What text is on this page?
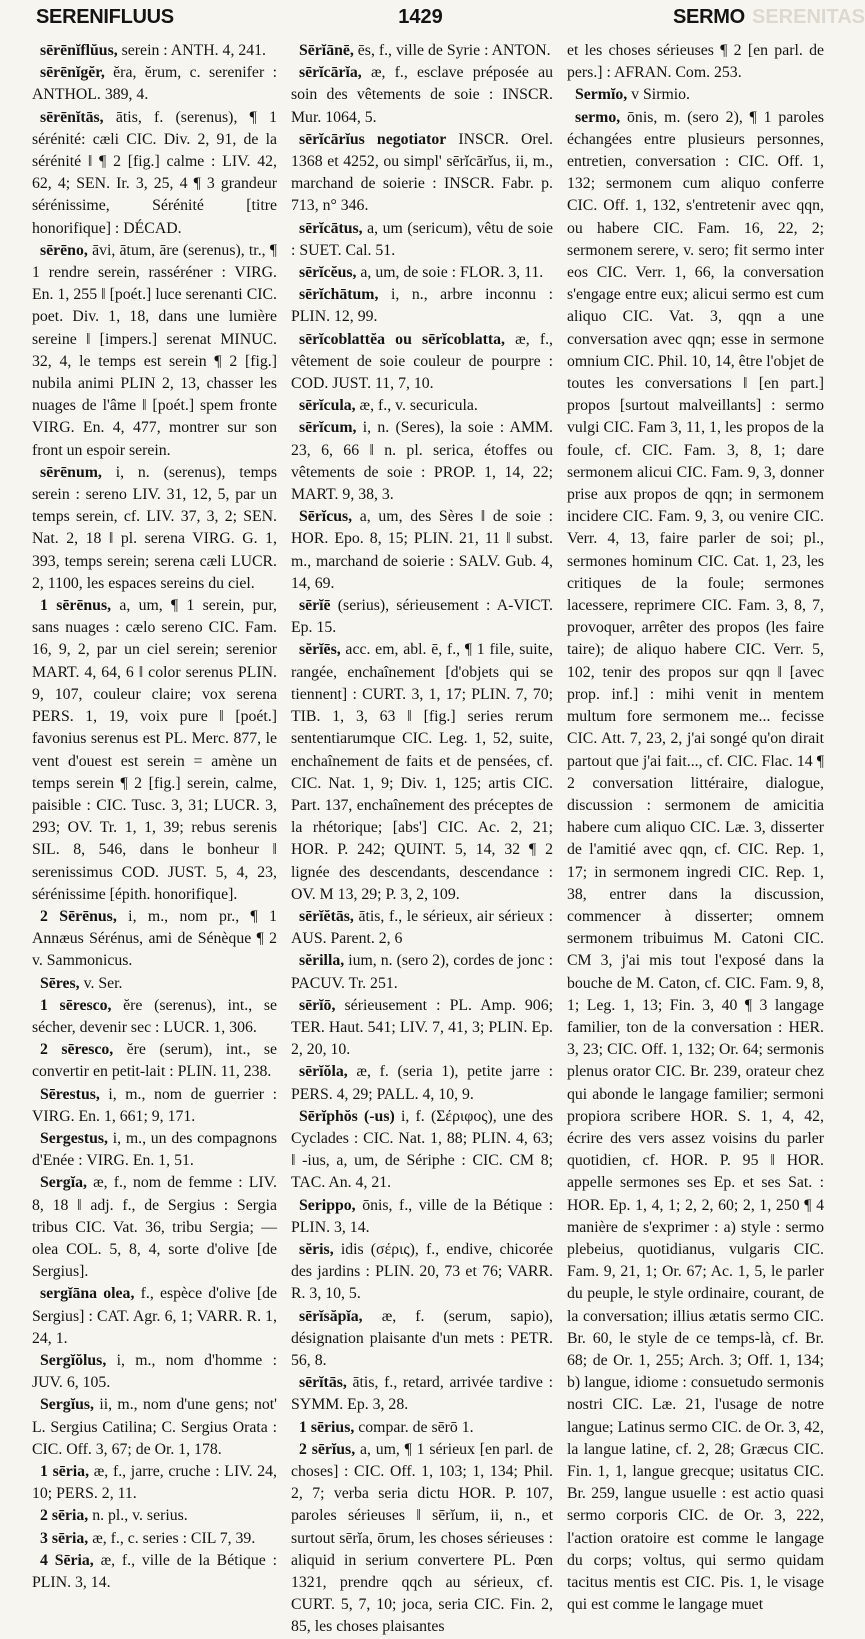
SERENITAS
SERENIFLUUS	1429	SERMO

sērēnĭflŭus, serein : ANTH. 4, 241.

sērēnĭgĕr, ĕra, ĕrum, c. serenifer : ANTHOL. 389, 4.

sērēnĭtās, ātis, f. (serenus), ¶ 1 sérénité: cæli CIC. Div. 2, 91, de la sérénité ‖ ¶ 2 [fig.] calme : LIV. 42, 62, 4; SEN. Ir. 3, 25, 4 ¶ 3 grandeur sérénissime, Sérénité [titre honorifique] : DÉCAD.

sērēno, āvi, ātum, āre (serenus), tr., ¶ 1 rendre serein, rasséréner : VIRG. En. 1, 255 ‖ [poét.] luce serenanti CIC. poet. Div. 1, 18, dans une lumière sereine ‖ [impers.] serenat MINUC. 32, 4, le temps est serein ¶ 2 [fig.] nubila animi PLIN 2, 13, chasser les nuages de l'âme ‖ [poét.] spem fronte VIRG. En. 4, 477, montrer sur son front un espoir serein.

sērēnum, i, n. (serenus), temps serein : sereno LIV. 31, 12, 5, par un temps serein, cf. LIV. 37, 3, 2; SEN. Nat. 2, 18 ‖ pl. serena VIRG. G. 1, 393, temps serein; serena cæli LUCR. 2, 1100, les espaces sereins du ciel.

1 sērēnus, a, um, ¶ 1 serein, pur, sans nuages : cælo sereno CIC. Fam. 16, 9, 2, par un ciel serein; serenior MART. 4, 64, 6 ‖ color serenus PLIN. 9, 107, couleur claire; vox serena PERS. 1, 19, voix pure ‖ [poét.] favonius serenus est PL. Merc. 877, le vent d'ouest est serein = amène un temps serein ¶ 2 [fig.] serein, calme, paisible : CIC. Tusc. 3, 31; LUCR. 3, 293; OV. Tr. 1, 1, 39; rebus serenis SIL. 8, 546, dans le bonheur ‖ serenissimus COD. JUST. 5, 4, 23, sérénissime [épith. honorifique].

2 Sērēnus, i, m., nom pr., ¶ 1 Annæus Sérénus, ami de Sénèque ¶ 2 v. Sammonicus.

Sēres, v. Ser.

1 sēresco, ĕre (serenus), int., se sécher, devenir sec : LUCR. 1, 306.

2 sēresco, ĕre (serum), int., se convertir en petit-lait : PLIN. 11, 238.

Sērestus, i, m., nom de guerrier : VIRG. En. 1, 661; 9, 171.

Sergestus, i, m., un des compagnons d'Enée : VIRG. En. 1, 51.

Sergĭa, æ, f., nom de femme : LIV. 8, 18 ‖ adj. f., de Sergius : Sergia tribus CIC. Vat. 36, tribu Sergia; — olea COL. 5, 8, 4, sorte d'olive [de Sergius].

sergĭāna olea, f., espèce d'olive [de Sergius] : CAT. Agr. 6, 1; VARR. R. 1, 24, 1.

Sergĭŏlus, i, m., nom d'homme : JUV. 6, 105.

Sergĭus, ii, m., nom d'une gens; not' L. Sergius Catilina; C. Sergius Orata : CIC. Off. 3, 67; de Or. 1, 178.

1 sēria, æ, f., jarre, cruche : LIV. 24, 10; PERS. 2, 11.

2 sēria, n. pl., v. serius.

3 sēria, æ, f., c. series : CIL 7, 39.

4 Sēria, æ, f., ville de la Bétique : PLIN. 3, 14.

Sērĭānē, ēs, f., ville de Syrie : ANTON.

sērĭcārĭa, æ, f., esclave préposée au soin des vêtements de soie : INSCR. Mur. 1064, 5.

sērĭcārĭus negotiator INSCR. Orel. 1368 et 4252, ou simpl' sērĭcārĭus, ii, m., marchand de soierie : INSCR. Fabr. p. 713, n° 346.

sērĭcātus, a, um (sericum), vêtu de soie : SUET. Cal. 51.

sērĭcĕus, a, um, de soie : FLOR. 3, 11.

sērĭchātum, i, n., arbre inconnu : PLIN. 12, 99.

sērĭcoblattĕa ou sērĭcoblatta, æ, f., vêtement de soie couleur de pourpre : COD. JUST. 11, 7, 10.

sērĭcula, æ, f., v. securicula.

sērĭcum, i, n. (Seres), la soie : AMM. 23, 6, 66 ‖ n. pl. serica, étoffes ou vêtements de soie : PROP. 1, 14, 22; MART. 9, 38, 3.

Sērĭcus, a, um, des Sères ‖ de soie : HOR. Epo. 8, 15; PLIN. 21, 11 ‖ subst. m., marchand de soierie : SALV. Gub. 4, 14, 69.

sērĭē (serius), sérieusement : A-VICT. Ep. 15.

sĕrĭēs, acc. em, abl. ē, f., ¶ 1 file, suite, rangée, enchaînement [d'objets qui se tiennent] : CURT. 3, 1, 17; PLIN. 7, 70; TIB. 1, 3, 63 ‖ [fig.] series rerum sententiarumque CIC. Leg. 1, 52, suite, enchaînement de faits et de pensées, cf. CIC. Nat. 1, 9; Div. 1, 125; artis CIC. Part. 137, enchaînement des préceptes de la rhétorique; [abs'] CIC. Ac. 2, 21; HOR. P. 242; QUINT. 5, 14, 32 ¶ 2 lignée des descendants, descendance : OV. M 13, 29; P. 3, 2, 109.

sērĭĕtās, ātis, f., le sérieux, air sérieux : AUS. Parent. 2, 6

sĕrilla, ium, n. (sero 2), cordes de jonc : PACUV. Tr. 251.

sērĭō, sérieusement : PL. Amp. 906; TER. Haut. 541; LIV. 7, 41, 3; PLIN. Ep. 2, 20, 10.

sērĭŏla, æ, f. (seria 1), petite jarre : PERS. 4, 29; PALL. 4, 10, 9.

Sērĭphŏs (-us) i, f. (Σέριφος), une des Cyclades : CIC. Nat. 1, 88; PLIN. 4, 63; ‖ -ius, a, um, de Sériphe : CIC. CM 8; TAC. An. 4, 21.

Serippo, ōnis, f., ville de la Bétique : PLIN. 3, 14.

sĕris, idis (σέρις), f., endive, chicorée des jardins : PLIN. 20, 73 et 76; VARR. R. 3, 10, 5.

sērĭsăpĭa, æ, f. (serum, sapio), désignation plaisante d'un mets : PETR. 56, 8.

sērĭtās, ātis, f., retard, arrivée tardive : SYMM. Ep. 3, 28.

1 sērius, compar. de sērō 1.

2 sērĭus, a, um, ¶ 1 sérieux [en parl. de choses] : CIC. Off. 1, 103; 1, 134; Phil. 2, 7; verba seria dictu HOR. P. 107, paroles sérieuses ‖ sērĭum, ii, n., et surtout sērĭa, ōrum, les choses sérieuses : aliquid in serium convertere PL. Pœn 1321, prendre qqch au sérieux, cf. CURT. 5, 7, 10; joca, seria CIC. Fin. 2, 85, les choses plaisantes

et les choses sérieuses ¶ 2 [en parl. de pers.] : AFRAN. Com. 253.

Sermĭo, v Sirmio.

sermo, ōnis, m. (sero 2), ¶ 1 paroles échangées entre plusieurs personnes, entretien, conversation : CIC. Off. 1, 132; sermonem cum aliquo conferre CIC. Off. 1, 132, s'entretenir avec qqn, ou habere CIC. Fam. 16, 22, 2; sermonem serere, v. sero; fit sermo inter eos CIC. Verr. 1, 66, la conversation s'engage entre eux; alicui sermo est cum aliquo CIC. Vat. 3, qqn a une conversation avec qqn; esse in sermone omnium CIC. Phil. 10, 14, être l'objet de toutes les conversations ‖ [en part.] propos [surtout malveillants] : sermo vulgi CIC. Fam 3, 11, 1, les propos de la foule, cf. CIC. Fam. 3, 8, 1; dare sermonem alicui CIC. Fam. 9, 3, donner prise aux propos de qqn; in sermonem incidere CIC. Fam. 9, 3, ou venire CIC. Verr. 4, 13, faire parler de soi; pl., sermones hominum CIC. Cat. 1, 23, les critiques de la foule; sermones lacessere, reprimere CIC. Fam. 3, 8, 7, provoquer, arrêter des propos (les faire taire); de aliquo habere CIC. Verr. 5, 102, tenir des propos sur qqn ‖ [avec prop. inf.] : mihi venit in mentem multum fore sermonem me... fecisse CIC. Att. 7, 23, 2, j'ai songé qu'on dirait partout que j'ai fait..., cf. CIC. Flac. 14 ¶ 2 conversation littéraire, dialogue, discussion : sermonem de amicitia habere cum aliquo CIC. Læ. 3, disserter de l'amitié avec qqn, cf. CIC. Rep. 1, 17; in sermonem ingredi CIC. Rep. 1, 38, entrer dans la discussion, commencer à disserter; omnem sermonem tribuimus M. Catoni CIC. CM 3, j'ai mis tout l'exposé dans la bouche de M. Caton, cf. CIC. Fam. 9, 8, 1; Leg. 1, 13; Fin. 3, 40 ¶ 3 langage familier, ton de la conversation : HER. 3, 23; CIC. Off. 1, 132; Or. 64; sermonis plenus orator CIC. Br. 239, orateur chez qui abonde le langage familier; sermoni propiora scribere HOR. S. 1, 4, 42, écrire des vers assez voisins du parler quotidien, cf. HOR. P. 95 ‖ HOR. appelle sermones ses Ep. et ses Sat. : HOR. Ep. 1, 4, 1; 2, 2, 60; 2, 1, 250 ¶ 4 manière de s'exprimer : a) style : sermo plebeius, quotidianus, vulgaris CIC. Fam. 9, 21, 1; Or. 67; Ac. 1, 5, le parler du peuple, le style ordinaire, courant, de la conversation; illius ætatis sermo CIC. Br. 60, le style de ce temps-là, cf. Br. 68; de Or. 1, 255; Arch. 3; Off. 1, 134; b) langue, idiome : consuetudo sermonis nostri CIC. Læ. 21, l'usage de notre langue; Latinus sermo CIC. de Or. 3, 42, la langue latine, cf. 2, 28; Græcus CIC. Fin. 1, 1, langue grecque; usitatus CIC. Br. 259, langue usuelle : est actio quasi sermo corporis CIC. de Or. 3, 222, l'action oratoire est comme le langage du corps; voltus, qui sermo quidam tacitus mentis est CIC. Pis. 1, le visage qui est comme le langage muet
